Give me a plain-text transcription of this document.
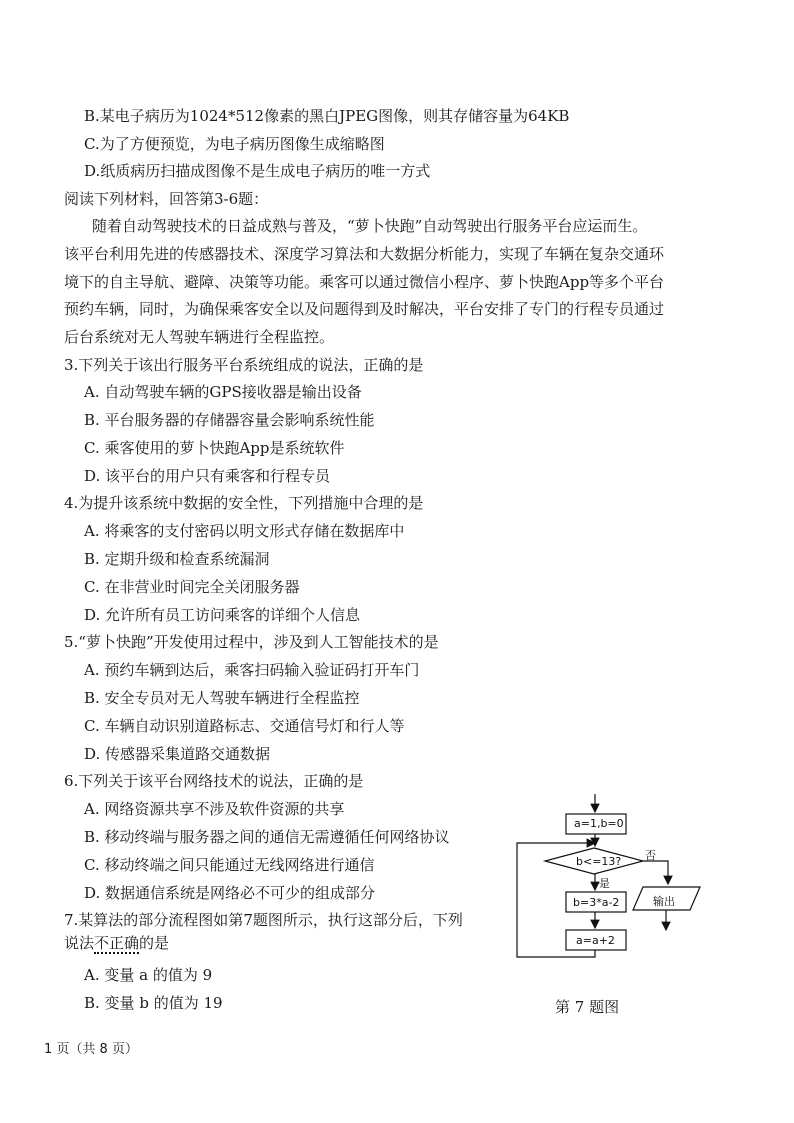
B.某电子病历为1024*512像素的黑白JPEG图像，则其存储容量为64KB
C.为了方便预览，为电子病历图像生成缩略图
D.纸质病历扫描成图像不是生成电子病历的唯一方式
阅读下列材料，回答第3-6题：
随着自动驾驶技术的日益成熟与普及，“萝卜快跑”自动驾驶出行服务平台应运而生。
该平台利用先进的传感器技术、深度学习算法和大数据分析能力，实现了车辆在复杂交通环
境下的自主导航、避障、决策等功能。乘客可以通过微信小程序、萝卜快跑App等多个平台
预约车辆，同时，为确保乘客安全以及问题得到及时解决，平台安排了专门的行程专员通过
后台系统对无人驾驶车辆进行全程监控。
3.下列关于该出行服务平台系统组成的说法，正确的是
A. 自动驾驶车辆的GPS接收器是输出设备
B. 平台服务器的存储器容量会影响系统性能
C. 乘客使用的萝卜快跑App是系统软件
D. 该平台的用户只有乘客和行程专员
4.为提升该系统中数据的安全性，下列措施中合理的是
A. 将乘客的支付密码以明文形式存储在数据库中
B. 定期升级和检查系统漏洞
C. 在非营业时间完全关闭服务器
D. 允许所有员工访问乘客的详细个人信息
5.“萝卜快跑”开发使用过程中，涉及到人工智能技术的是
A. 预约车辆到达后，乘客扫码输入验证码打开车门
B. 安全专员对无人驾驶车辆进行全程监控
C. 车辆自动识别道路标志、交通信号灯和行人等
D. 传感器采集道路交通数据
6.下列关于该平台网络技术的说法，正确的是
A. 网络资源共享不涉及软件资源的共享
B. 移动终端与服务器之间的通信无需遵循任何网络协议
C. 移动终端之间只能通过无线网络进行通信
D. 数据通信系统是网络必不可少的组成部分
7.某算法的部分流程图如第7题图所示，执行这部分后，下列
说法不正确的是
A. 变量 a 的值为 9
B. 变量 b 的值为 19
a=1,b=0
b<=13?
是
否
b=3*a-2
a=a+2
输出
第 7 题图
1 页（共 8 页）
